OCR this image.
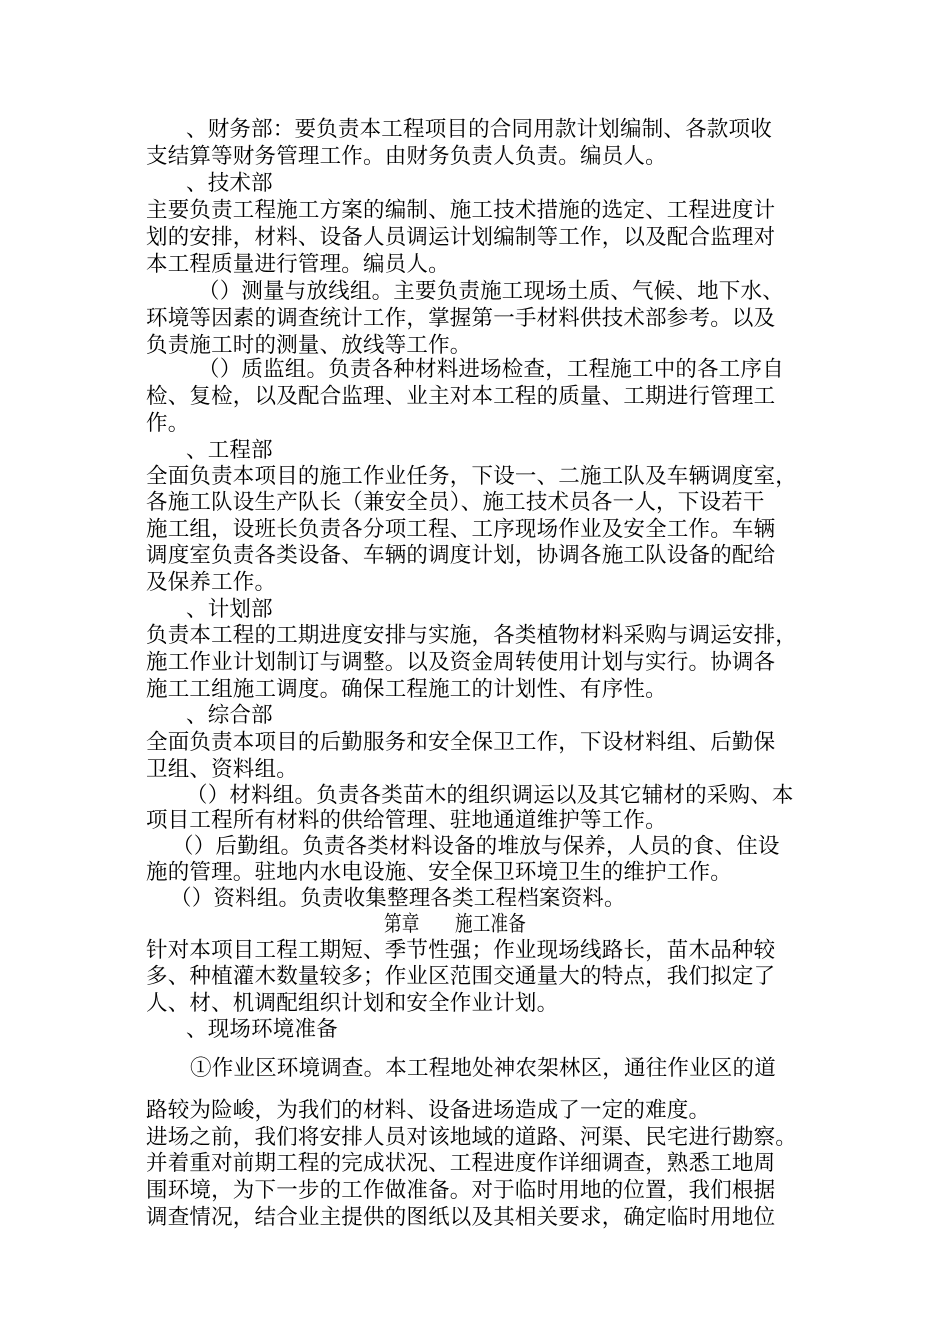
、财务部：要负责本工程项目的合同用款计划编制、各款项收
支结算等财务管理工作。由财务负责人负责。编员人。
、技术部
主要负责工程施工方案的编制、施工技术措施的选定、工程进度计
划的安排，材料、设备人员调运计划编制等工作，以及配合监理对
本工程质量进行管理。编员人。
（）测量与放线组。主要负责施工现场土质、气候、地下水、
环境等因素的调查统计工作，掌握第一手材料供技术部参考。以及
负责施工时的测量、放线等工作。
（）质监组。负责各种材料进场检查，工程施工中的各工序自
检、复检，以及配合监理、业主对本工程的质量、工期进行管理工
作。
、工程部
全面负责本项目的施工作业任务，下设一、二施工队及车辆调度室，
各施工队设生产队长（兼安全员）、施工技术员各一人，下设若干
施工组，设班长负责各分项工程、工序现场作业及安全工作。车辆
调度室负责各类设备、车辆的调度计划，协调各施工队设备的配给
及保养工作。
、计划部
负责本工程的工期进度安排与实施，各类植物材料采购与调运安排，
施工作业计划制订与调整。以及资金周转使用计划与实行。协调各
施工工组施工调度。确保工程施工的计划性、有序性。
、综合部
全面负责本项目的后勤服务和安全保卫工作，下设材料组、后勤保
卫组、资料组。
（）材料组。负责各类苗木的组织调运以及其它辅材的采购、本
项目工程所有材料的供给管理、驻地通道维护等工作。
（）后勤组。负责各类材料设备的堆放与保养，人员的食、住设
施的管理。驻地内水电设施、安全保卫环境卫生的维护工作。
（）资料组。负责收集整理各类工程档案资料。
第章　　施工准备
针对本项目工程工期短、季节性强；作业现场线路长，苗木品种较
多、种植灌木数量较多；作业区范围交通量大的特点，我们拟定了
人、材、机调配组织计划和安全作业计划。
、现场环境准备
①作业区环境调查。本工程地处神农架林区，通往作业区的道
路较为险峻，为我们的材料、设备进场造成了一定的难度。
进场之前，我们将安排人员对该地域的道路、河渠、民宅进行勘察。
并着重对前期工程的完成状况、工程进度作详细调查，熟悉工地周
围环境，为下一步的工作做准备。对于临时用地的位置，我们根据
调查情况，结合业主提供的图纸以及其相关要求，确定临时用地位
